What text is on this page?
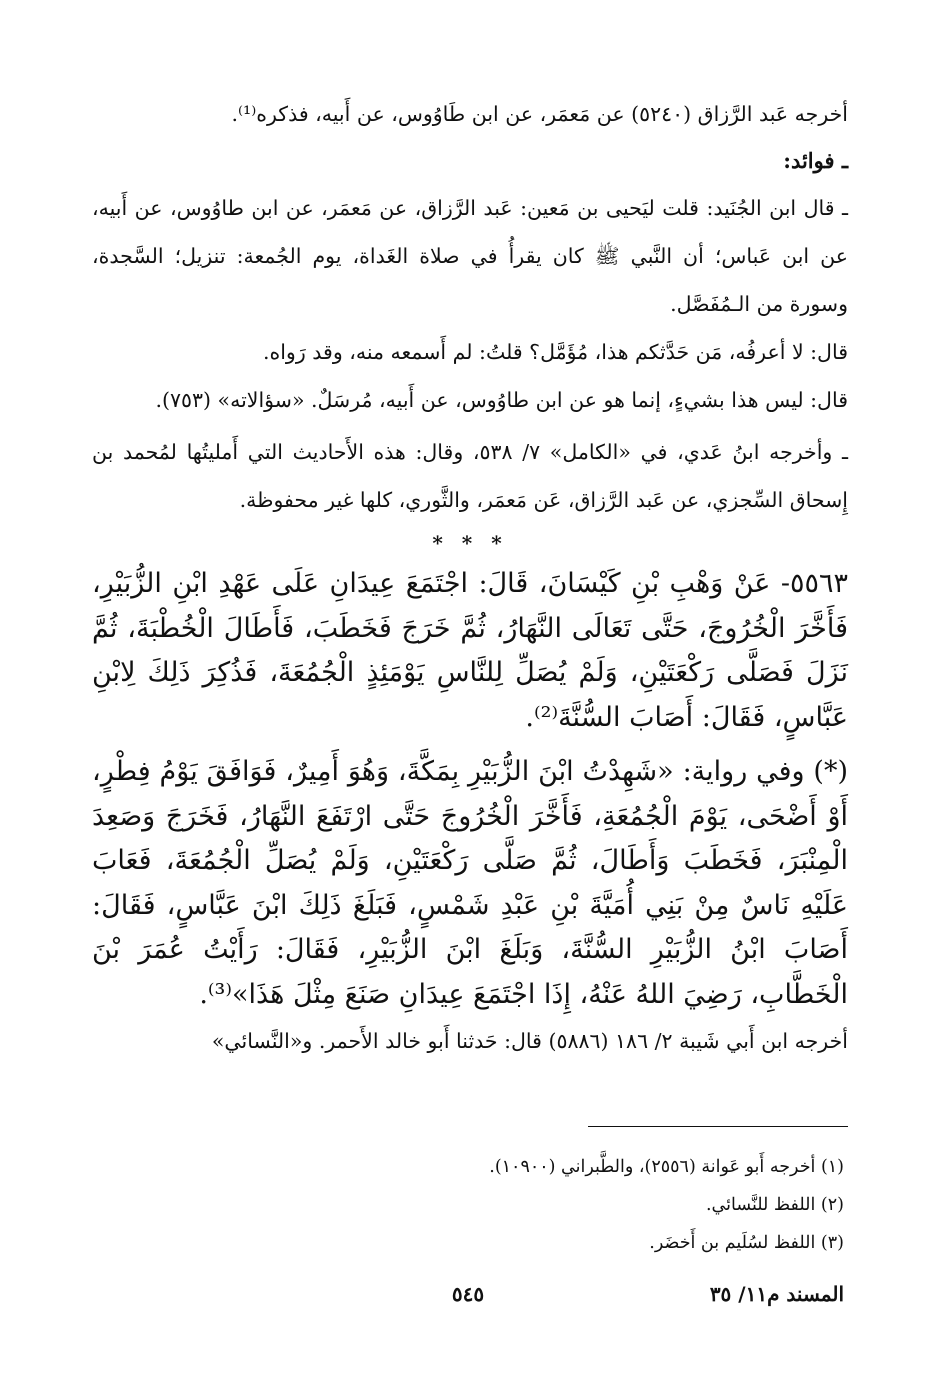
أخرجه عَبد الرَّزاق (٥٢٤٠) عن مَعمَر، عن ابن طَاوُوس، عن أَبيه، فذكره⁽¹⁾.

ـ فوائد:

ـ قال ابن الجُنَيد: قلت ليَحيى بن مَعين: عَبد الرَّزاق، عن مَعمَر، عن ابن طاوُوس، عن أَبيه، عن ابن عَباس؛ أن النَّبي ﷺ كان يقرأُ في صلاة الغَداة، يوم الجُمعة: تنزيل؛ السَّجدة، وسورة من الـمُفَصَّل.

قال: لا أعرفُه، مَن حَدَّثكم هذا، مُؤَمَّل؟ قلتُ: لم أَسمعه منه، وقد رَواه.

قال: ليس هذا بشيءٍ، إنما هو عن ابن طاوُوس، عن أَبيه، مُرسَلٌ. «سؤالاته» (٧٥٣).

ـ وأخرجه ابنُ عَدي، في «الكامل» ٧/ ٥٣٨، وقال: هذه الأَحاديث التي أَمليتُها لمُحمد بن إِسحاق السِّجزي، عن عَبد الرَّزاق، عَن مَعمَر، والثَّوري، كلها غير محفوظة.

* * *

٥٥٦٣- عَنْ وَهْبِ بْنِ كَيْسَانَ، قَالَ: اجْتَمَعَ عِيدَانِ عَلَى عَهْدِ ابْنِ الزُّبَيْرِ، فَأَخَّرَ الْخُرُوجَ، حَتَّى تَعَالَى النَّهَارُ، ثُمَّ خَرَجَ فَخَطَبَ، فَأَطَالَ الْخُطْبَةَ، ثُمَّ نَزَلَ فَصَلَّى رَكْعَتَيْنِ، وَلَمْ يُصَلِّ لِلنَّاسِ يَوْمَئِذٍ الْجُمُعَةَ، فَذُكِرَ ذَلِكَ لِابْنِ عَبَّاسٍ، فَقَالَ: أَصَابَ السُّنَّةَ⁽²⁾.

(*) وفي رواية: «شَهِدْتُ ابْنَ الزُّبَيْرِ بِمَكَّةَ، وَهُوَ أَمِيرٌ، فَوَافَقَ يَوْمُ فِطْرٍ، أَوْ أَضْحَى، يَوْمَ الْجُمُعَةِ، فَأَخَّرَ الْخُرُوجَ حَتَّى ارْتَفَعَ النَّهَارُ، فَخَرَجَ وَصَعِدَ الْمِنْبَرَ، فَخَطَبَ وَأَطَالَ، ثُمَّ صَلَّى رَكْعَتَيْنِ، وَلَمْ يُصَلِّ الْجُمُعَةَ، فَعَابَ عَلَيْهِ نَاسٌ مِنْ بَنِي أُمَيَّةَ بْنِ عَبْدِ شَمْسٍ، فَبَلَغَ ذَلِكَ ابْنَ عَبَّاسٍ، فَقَالَ: أَصَابَ ابْنُ الزُّبَيْرِ السُّنَّةَ، وَبَلَغَ ابْنَ الزُّبَيْرِ، فَقَالَ: رَأَيْتُ عُمَرَ بْنَ الْخَطَّابِ، رَضِيَ اللهُ عَنْهُ، إِذَا اجْتَمَعَ عِيدَانِ صَنَعَ مِثْلَ هَذَا»⁽³⁾.

أخرجه ابن أَبي شَيبة ٢/ ١٨٦ (٥٨٨٦) قال: حَدثنا أَبو خالد الأَحمر. و«النَّسائي»

(١) أخرجه أَبو عَوانة (٢٥٥٦)، والطَّبراني (١٠٩٠٠).

(٢) اللفظ للنَّسائي.

(٣) اللفظ لسُلَيم بن أَخضَر.

المسند م١١/ ٣٥
٥٤٥
